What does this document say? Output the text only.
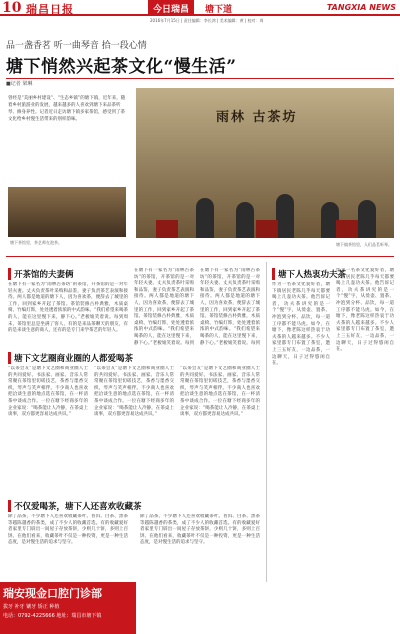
10 瑞昌日报	今日瑞昌	塘下道	TANGXIA NEWS
2016年7月15日 | 责任编辑：李长鸿 | 美术编辑：黄 | 校对：周
品一盏香茗 听一曲琴音 拾一段心情
塘下悄然兴起茶文化“慢生活”
■记者 梁琳
曾经是“美丽乡村建设”、“生态乡镇”的塘下镇，近年来，随着乡村旅游业的发展，越来越多的人喜欢到塘下来品茶听琴、修身养性。记者近日走访塘下镇多家茶馆，感受到了茶文化给乡村慢生活带来的别样韵味。
塘下茶馆里，茶艺师在泡茶。
雨林 古茶坊
塘下镇茶馆里，人们品茗听琴。
开茶馆的夫妻俩
在塘下有一家名为“雨林古茶坊”的茶馆，开茶馆的是一对年轻夫妻。丈夫负责茶叶采购和品鉴，妻子负责茶艺表演和接待。两人都是地道的塘下人，因为喜欢茶，便辞去了城里的工作，回到家乡开起了茶馆。茶馆装修古朴典雅，木质桌椅、竹编灯饰，处处透着浓浓的中式韵味。“我们希望来喝茶的人，能在这里慢下来，静下心。”老板娘笑着说。每到周末，茶馆里总是坐满了客人，有的是来品茶聊天的朋友，有的是来谈生意的商人，还有的是专门来学茶艺的年轻人。
在塘下有一家名为“雨林古茶坊”的茶馆，开茶馆的是一对年轻夫妻。丈夫负责茶叶采购和品鉴，妻子负责茶艺表演和接待。两人都是地道的塘下人，因为喜欢茶，便辞去了城里的工作，回到家乡开起了茶馆。茶馆装修古朴典雅，木质桌椅、竹编灯饰，处处透着浓浓的中式韵味。“我们希望来喝茶的人，能在这里慢下来，静下心。”老板娘笑着说。每到
在塘下有一家名为“雨林古茶坊”的茶馆，开茶馆的是一对年轻夫妻。丈夫负责茶叶采购和品鉴，妻子负责茶艺表演和接待。两人都是地道的塘下人，因为喜欢茶，便辞去了城里的工作，回到家乡开起了茶馆。茶馆装修古朴典雅，木质桌椅、竹编灯饰，处处透着浓浓的中式韵味。“我们希望来喝茶的人，能在这里慢下来，静下心。”老板娘笑着说。每到
塘下人热衷功夫茶
作为一名茶文化爱好者，塘下镇居民老陈几乎每天都要喝上几壶功夫茶。他告诉记者，功夫茶讲究的是一个“慢”字，从烫壶、置茶、冲泡到分杯、品饮，每一道工序都不能马虎。如今，在塘下，像老陈这样热衷于功夫茶的人越来越多。不少人家里都专门布置了茶室，邀上三五好友，一边品茶，一边聊天，日子过得悠闲自在。
作为一名茶文化爱好者，塘下镇居民老陈几乎每天都要喝上几壶功夫茶。他告诉记者，功夫茶讲究的是一个“慢”字，从烫壶、置茶、冲泡到分杯、品饮，每一道工序都不能马虎。如今，在塘下，像老陈这样热衷于功夫茶的人越来越多。不少人家里都专门布置了茶室，邀上三五好友，一边品茶，一边聊天，日子过得悠闲自在。
塘下文艺圈商业圈的人都爱喝茶
“以茶会友”是塘下文艺圈和商业圈人士的共同爱好。书法家、画家、音乐人常常聚在茶馆里切磋技艺，茶香与墨香交织，琴声与笑声相伴。不少商人也喜欢把洽谈生意的地点选在茶馆，在一杯清茶中谈成合作。一位在塘下经商多年的企业家说：“喝茶能让人冷静，在茶桌上谈事，双方都更容易达成共识。”
“以茶会友”是塘下文艺圈和商业圈人士的共同爱好。书法家、画家、音乐人常常聚在茶馆里切磋技艺，茶香与墨香交织，琴声与笑声相伴。不少商人也喜欢把洽谈生意的地点选在茶馆，在一杯清茶中谈成合作。一位在塘下经商多年的企业家说：“喝茶能让人冷静，在茶桌上谈事，双方都更容易达成共识。”
“以茶会友”是塘下文艺圈和商业圈人士的共同爱好。书法家、画家、音乐人常常聚在茶馆里切磋技艺，茶香与墨香交织，琴声与笑声相伴。不少商人也喜欢把洽谈生意的地点选在茶馆，在一杯清茶中谈成合作。一位在塘下经商多年的企业家说：“喝茶能让人冷静，在茶桌上谈事，双方都更容易达成共识。”
不仅爱喝茶，塘下人还喜欢收藏茶
除了品茶，不少塘下人还喜欢收藏茶叶。普洱、白茶、黑茶等越陈越香的茶类，成了不少人的收藏首选。有的收藏爱好者家里专门辟出一间屋子存放茶饼，少则几十饼，多则上百饼。在他们看来，收藏茶叶不仅是一种投资，更是一种生活态度，是对慢生活的追求与坚守。
除了品茶，不少塘下人还喜欢收藏茶叶。普洱、白茶、黑茶等越陈越香的茶类，成了不少人的收藏首选。有的收藏爱好者家里专门辟出一间屋子存放茶饼，少则几十饼，多则上百饼。在他们看来，收藏茶叶不仅是一种投资，更是一种生活态度，是对慢生活的追求与坚守。
瑞安现金口腔门诊部
拔牙 补牙 镶牙 矫正 种植
电话：0792-4225666 地址：瑞昌市塘下镇
